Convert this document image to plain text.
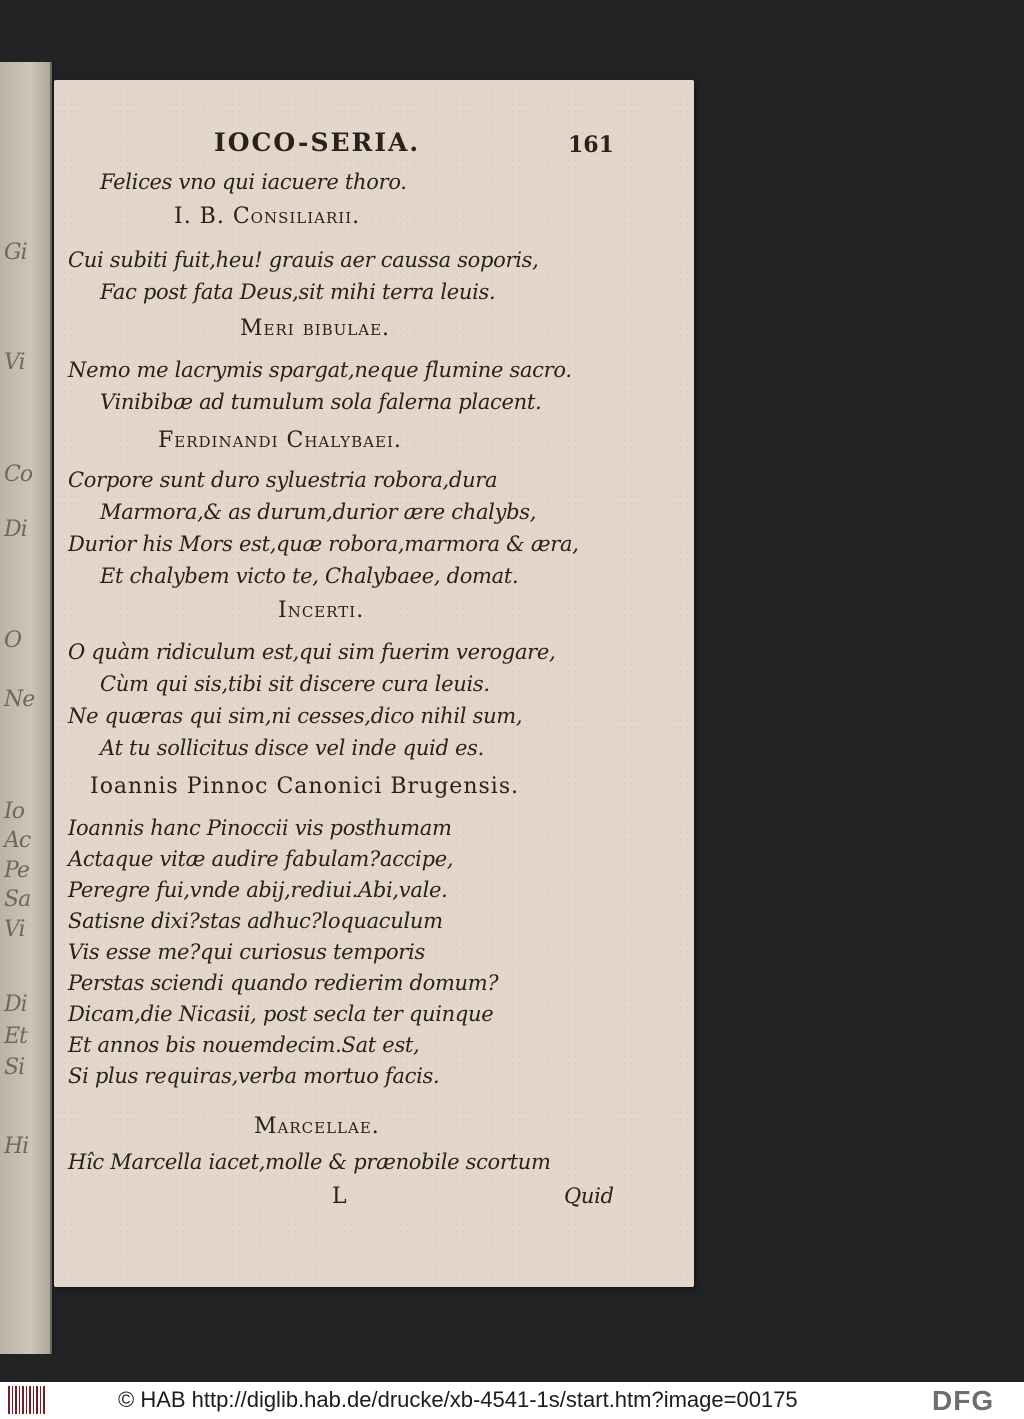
Gi
Vi
Co
Di
O
Ne
Io
Ac
Pe
Sa
Vi
Di
Et
Si
Hi
IOCO-SERIA.	161
Felices vno qui iacuere thoro.
I. B. Consiliarii.
Cui subiti fuit,heu! grauis aer caussa soporis,
Fac post fata Deus,sit mihi terra leuis.
Meri bibulae.
Nemo me lacrymis spargat,neque flumine sacro.
Vinibibæ ad tumulum sola falerna placent.
Ferdinandi Chalybaei.
Corpore sunt duro syluestria robora,dura
Marmora,& as durum,durior ære chalybs,
Durior his Mors est,quæ robora,marmora & æra,
Et chalybem victo te, Chalybaee, domat.
Incerti.
O quàm ridiculum est,qui sim fuerim verogare,
Cùm qui sis,tibi sit discere cura leuis.
Ne quæras qui sim,ni cesses,dico nihil sum,
At tu sollicitus disce vel inde quid es.
Ioannis Pinnoc Canonici Brugensis.
Ioannis hanc Pinoccii vis posthumam
Actaque vitæ audire fabulam?accipe,
Peregre fui,vnde abij,rediui.Abi,vale.
Satisne dixi?stas adhuc?loquaculum
Vis esse me?qui curiosus temporis
Perstas sciendi quando redierim domum?
Dicam,die Nicasii, post secla ter quinque
Et annos bis nouemdecim.Sat est,
Si plus requiras,verba mortuo facis.
Marcellae.
Hîc Marcella iacet,molle & prænobile scortum
L	Quid
© HAB http://diglib.hab.de/drucke/xb-4541-1s/start.htm?image=00175	DFG
